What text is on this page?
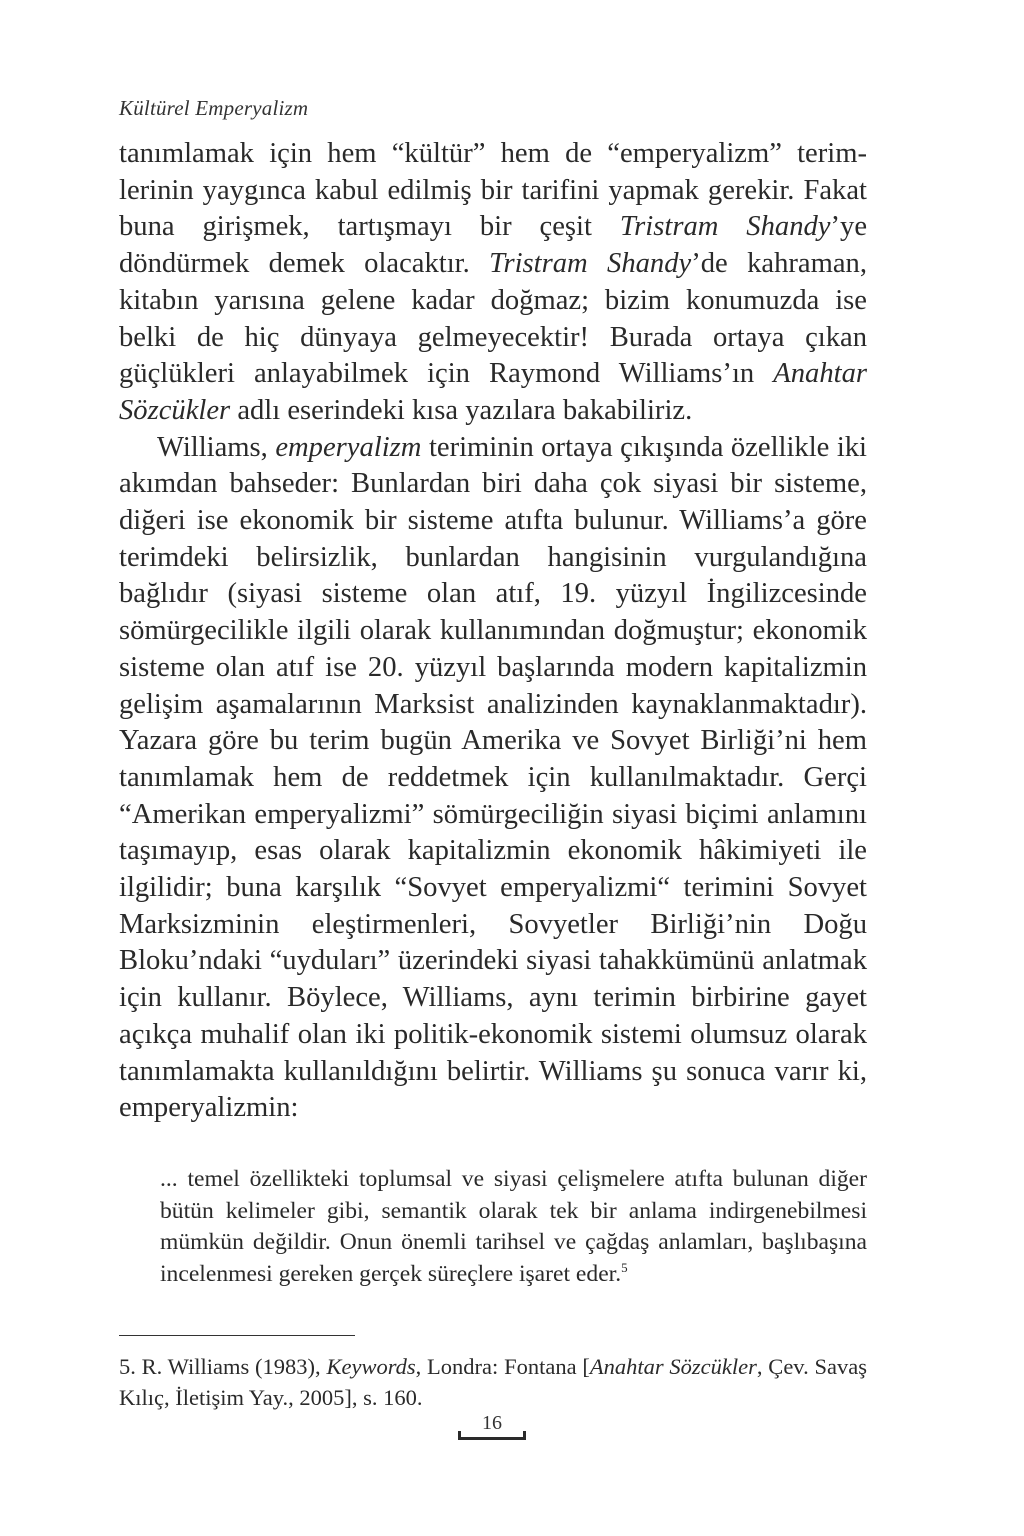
Kültürel Emperyalizm

tanımlamak için hem “kültür” hem de “emperyalizm” terimlerinin yaygınca kabul edilmiş bir tarifini yapmak gerekir. Fakat buna girişmek, tartışmayı bir çeşit Tristram Shandy’ye döndürmek demek olacaktır. Tristram Shandy’de kahraman, kitabın yarısına gelene kadar doğmaz; bizim konumuzda ise belki de hiç dünyaya gelmeyecektir! Burada ortaya çıkan güçlükleri anlayabilmek için Raymond Williams’ın Anahtar Sözcükler adlı eserindeki kısa yazılara bakabiliriz.

Williams, emperyalizm teriminin ortaya çıkışında özellikle iki akımdan bahseder: Bunlardan biri daha çok siyasi bir sisteme, diğeri ise ekonomik bir sisteme atıfta bulunur. Williams’a göre terimdeki belirsizlik, bunlardan hangisinin vurgulandığına bağlıdır (siyasi sisteme olan atıf, 19. yüzyıl İngilizcesinde sömürgecilikle ilgili olarak kullanımından doğmuştur; ekonomik sisteme olan atıf ise 20. yüzyıl başlarında modern kapitalizmin gelişim aşamalarının Marksist analizinden kaynaklanmaktadır). Yazara göre bu terim bugün Amerika ve Sovyet Birliği’ni hem tanımlamak hem de reddetmek için kullanılmaktadır. Gerçi “Amerikan emperyalizmi” sömürgeciliğin siyasi biçimi anlamını taşımayıp, esas olarak kapitalizmin ekonomik hâkimiyeti ile ilgilidir; buna karşılık “Sovyet emperyalizmi“ terimini Sovyet Marksizminin eleştirmenleri, Sovyetler Birliği’nin Doğu Bloku’ndaki “uyduları” üzerindeki siyasi tahakkümünü anlatmak için kullanır. Böylece, Williams, aynı terimin birbirine gayet açıkça muhalif olan iki politik-ekonomik sistemi olumsuz olarak tanımlamakta kullanıldığını belirtir. Williams şu sonuca varır ki, emperyalizmin:

... temel özellikteki toplumsal ve siyasi çelişmelere atıfta bulunan diğer bütün kelimeler gibi, semantik olarak tek bir anlama indirgenebilmesi mümkün değildir. Onun önemli tarihsel ve çağdaş anlamları, başlıbaşına incelenmesi gereken gerçek süreçlere işaret eder.$^5$
5. R. Williams (1983), Keywords, Londra: Fontana [Anahtar Sözcükler, Çev. Savaş Kılıç, İletişim Yay., 2005], s. 160.
16
